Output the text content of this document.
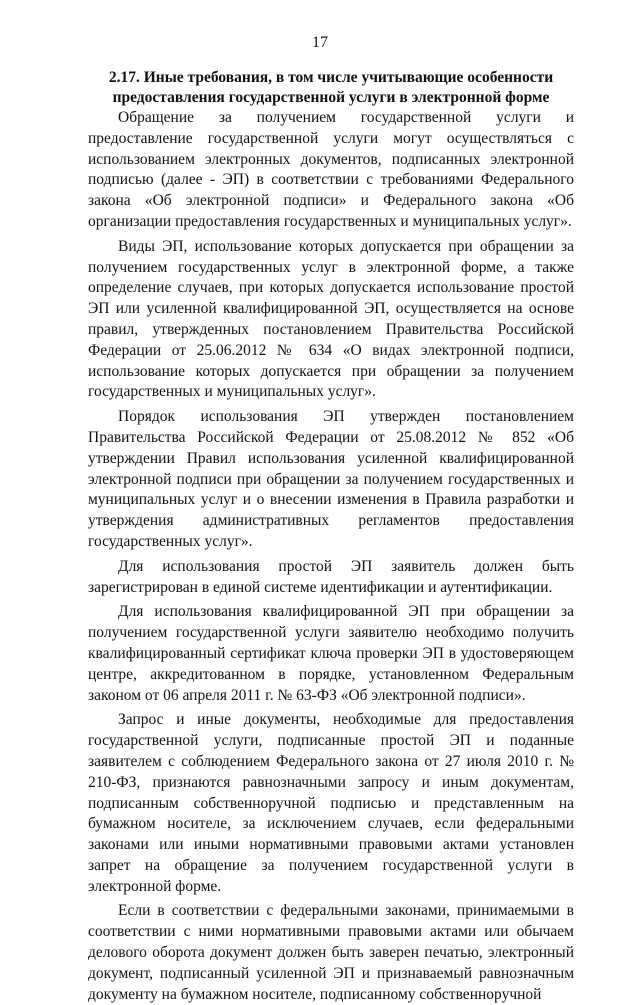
17
2.17. Иные требования, в том числе учитывающие особенности
предоставления государственной услуги в электронной форме

Обращение за получением государственной услуги и предоставление государственной услуги могут осуществляться с использованием электронных документов, подписанных электронной подписью (далее - ЭП) в соответствии с требованиями Федерального закона «Об электронной подписи» и Федерального закона «Об организации предоставления государственных и муниципальных услуг».

Виды ЭП, использование которых допускается при обращении за получением государственных услуг в электронной форме, а также определение случаев, при которых допускается использование простой ЭП или усиленной квалифицированной ЭП, осуществляется на основе правил, утвержденных постановлением Правительства Российской Федерации от 25.06.2012 № 634 «О видах электронной подписи, использование которых допускается при обращении за получением государственных и муниципальных услуг».

Порядок использования ЭП утвержден постановлением Правительства Российской Федерации от 25.08.2012 № 852 «Об утверждении Правил использования усиленной квалифицированной электронной подписи при обращении за получением государственных и муниципальных услуг и о внесении изменения в Правила разработки и утверждения административных регламентов предоставления государственных услуг».

Для использования простой ЭП заявитель должен быть зарегистрирован в единой системе идентификации и аутентификации.

Для использования квалифицированной ЭП при обращении за получением государственной услуги заявителю необходимо получить квалифицированный сертификат ключа проверки ЭП в удостоверяющем центре, аккредитованном в порядке, установленном Федеральным законом от 06 апреля 2011 г. № 63-ФЗ «Об электронной подписи».

Запрос и иные документы, необходимые для предоставления государственной услуги, подписанные простой ЭП и поданные заявителем с соблюдением Федерального закона от 27 июля 2010 г. № 210-ФЗ, признаются равнозначными запросу и иным документам, подписанным собственноручной подписью и представленным на бумажном носителе, за исключением случаев, если федеральными законами или иными нормативными правовыми актами установлен запрет на обращение за получением государственной услуги в электронной форме.

Если в соответствии с федеральными законами, принимаемыми в соответствии с ними нормативными правовыми актами или обычаем делового оборота документ должен быть заверен печатью, электронный документ, подписанный усиленной ЭП и признаваемый равнозначным документу на бумажном носителе, подписанному собственноручной
